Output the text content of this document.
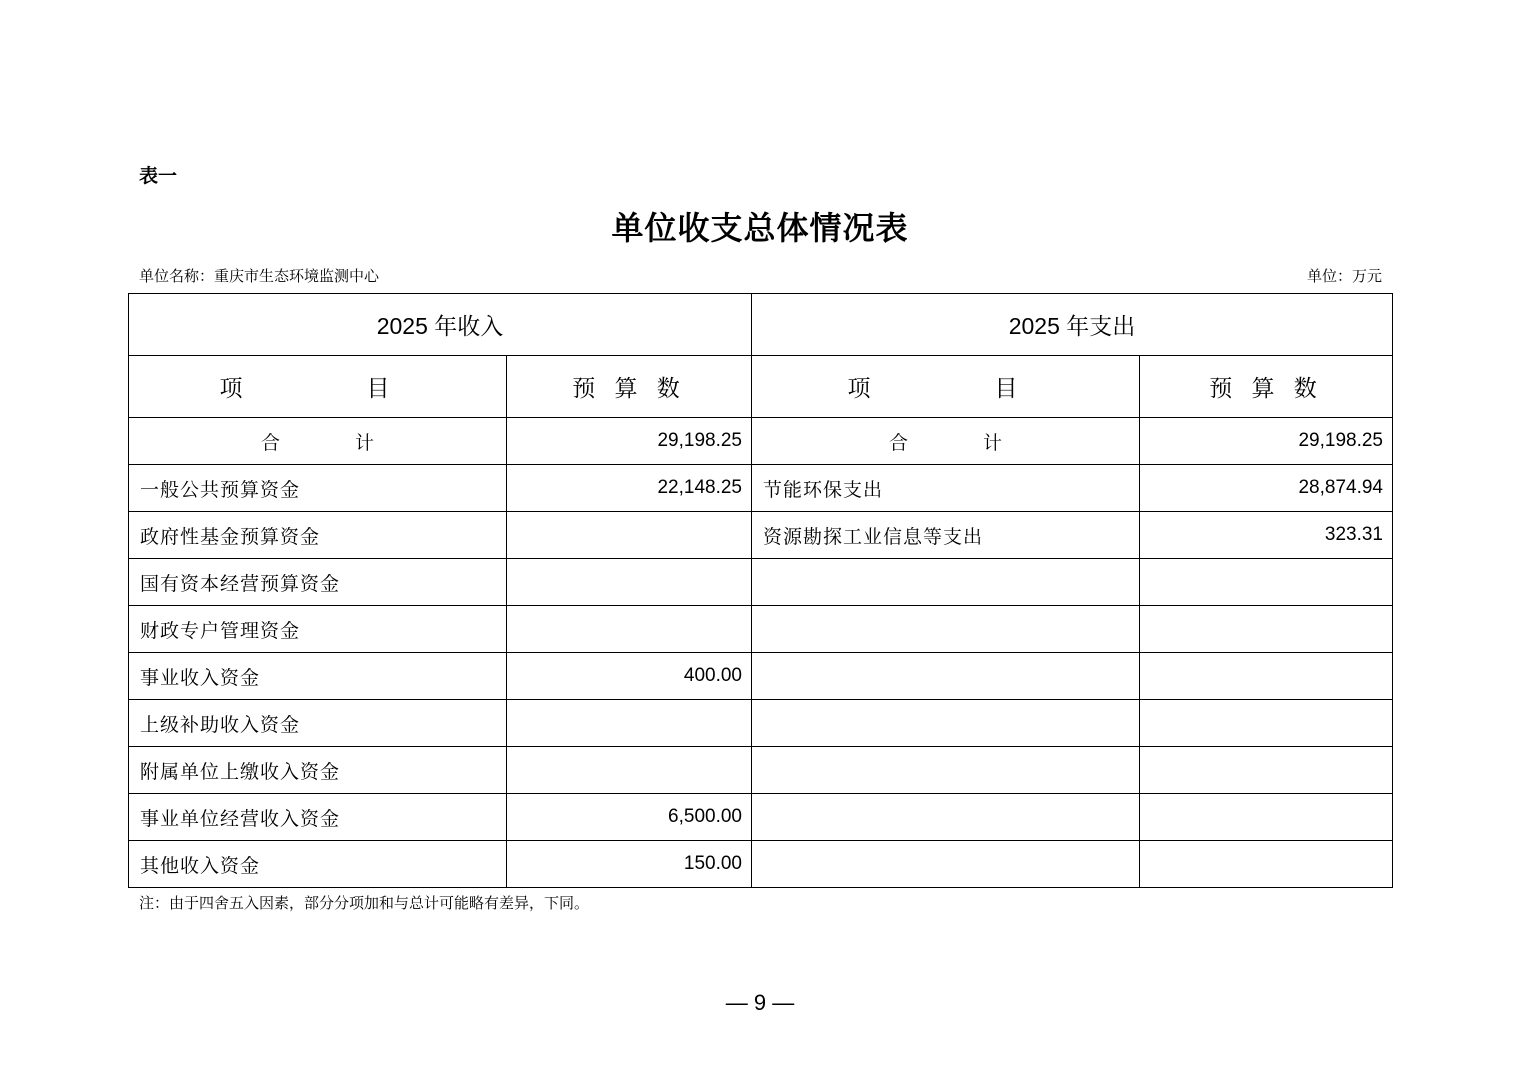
表一
单位收支总体情况表
单位名称：重庆市生态环境监测中心	单位：万元
2025 年收入		2025 年支出	
项　　目	预 算 数	项　　目	预 算 数
合　计	29,198.25	合　计	29,198.25
一般公共预算资金	22,148.25	节能环保支出	28,874.94
政府性基金预算资金		资源勘探工业信息等支出	323.31
国有资本经营预算资金			
财政专户管理资金			
事业收入资金	400.00		
上级补助收入资金			
附属单位上缴收入资金			
事业单位经营收入资金	6,500.00		
其他收入资金	150.00		
注：由于四舍五入因素，部分分项加和与总计可能略有差异，下同。
— 9 —
